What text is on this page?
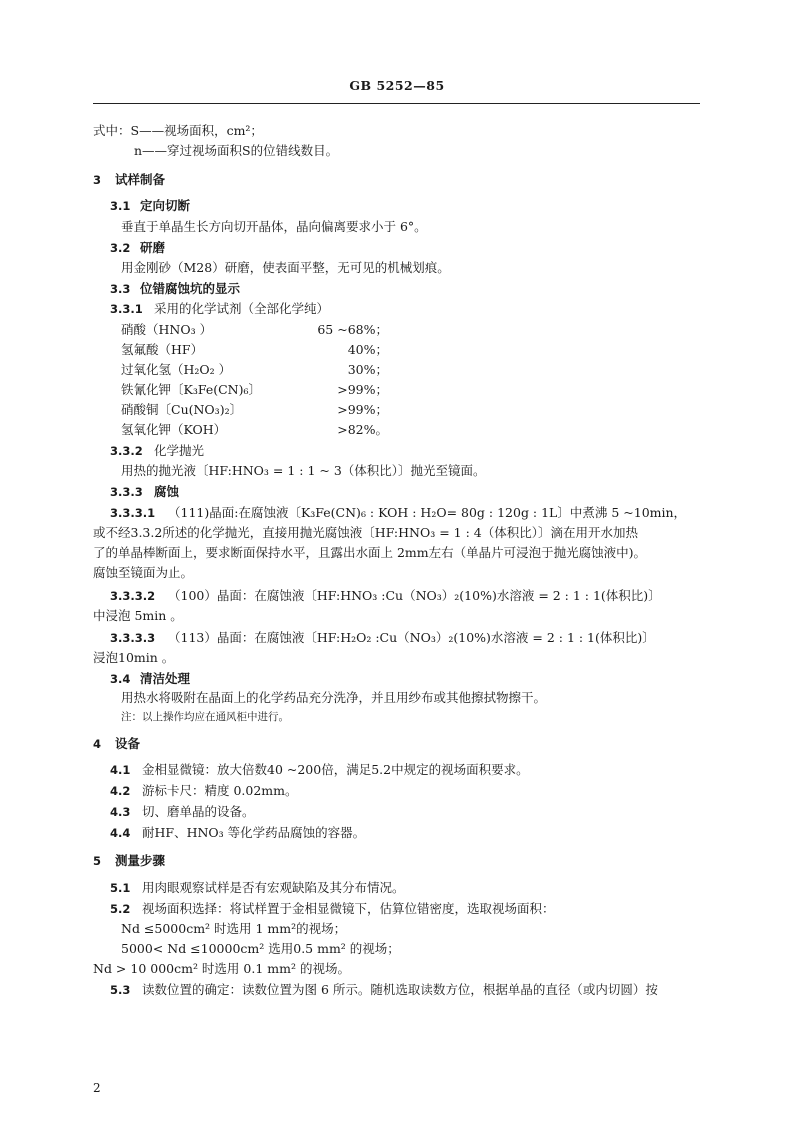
GB 5252—85
式中：S——视场面积，cm²；
n——穿过视场面积S的位错线数目。
3 试样制备
3.1 定向切断
垂直于单晶生长方向切开晶体，晶向偏离要求小于 6°。
3.2 研磨
用金刚砂（M28）研磨，使表面平整，无可见的机械划痕。
3.3 位错腐蚀坑的显示
3.3.1 采用的化学试剂（全部化学纯）
硝酸（HNO₃ ）	65 ~68%；
氢氟酸（HF）	40%；
过氧化氢（H₂O₂ ）	30%；
铁氰化钾〔K₃Fe(CN)₆〕	>99%；
硝酸铜〔Cu(NO₃)₂〕	>99%；
氢氧化钾（KOH）	>82%。
3.3.2 化学抛光
用热的抛光液〔HF:HNO₃ = 1 : 1 ~ 3（体积比）〕抛光至镜面。
3.3.3 腐蚀
3.3.3.1 （111)晶面:在腐蚀液〔K₃Fe(CN)₆ : KOH : H₂O= 80g : 120g : 1L〕中煮沸 5 ~10min，
或不经3.3.2所述的化学抛光，直接用抛光腐蚀液〔HF:HNO₃ = 1 : 4（体积比）〕滴在用开水加热
了的单晶棒断面上，要求断面保持水平，且露出水面上 2mm左右（单晶片可浸泡于抛光腐蚀液中)。
腐蚀至镜面为止。
3.3.3.2 （100）晶面：在腐蚀液〔HF:HNO₃ :Cu（NO₃）₂(10%)水溶液 = 2 : 1 : 1(体积比)〕
中浸泡 5min 。
3.3.3.3 （113）晶面：在腐蚀液〔HF:H₂O₂ :Cu（NO₃）₂(10%)水溶液 = 2 : 1 : 1(体积比)〕
浸泡10min 。
3.4 清洁处理
用热水将吸附在晶面上的化学药品充分洗净，并且用纱布或其他擦拭物擦干。
注：以上操作均应在通风柜中进行。
4 设备
4.1 金相显微镜：放大倍数40 ~200倍，满足5.2中规定的视场面积要求。
4.2 游标卡尺：精度 0.02mm。
4.3 切、磨单晶的设备。
4.4 耐HF、HNO₃ 等化学药品腐蚀的容器。
5 测量步骤
5.1 用肉眼观察试样是否有宏观缺陷及其分布情况。
5.2 视场面积选择：将试样置于金相显微镜下，估算位错密度，选取视场面积：
Nd ≤5000cm² 时选用 1 mm²的视场；
5000< Nd ≤10000cm² 选用0.5 mm² 的视场；
Nd > 10 000cm² 时选用 0.1 mm² 的视场。
5.3 读数位置的确定：读数位置为图 6 所示。随机选取读数方位，根据单晶的直径（或内切圆）按
2
